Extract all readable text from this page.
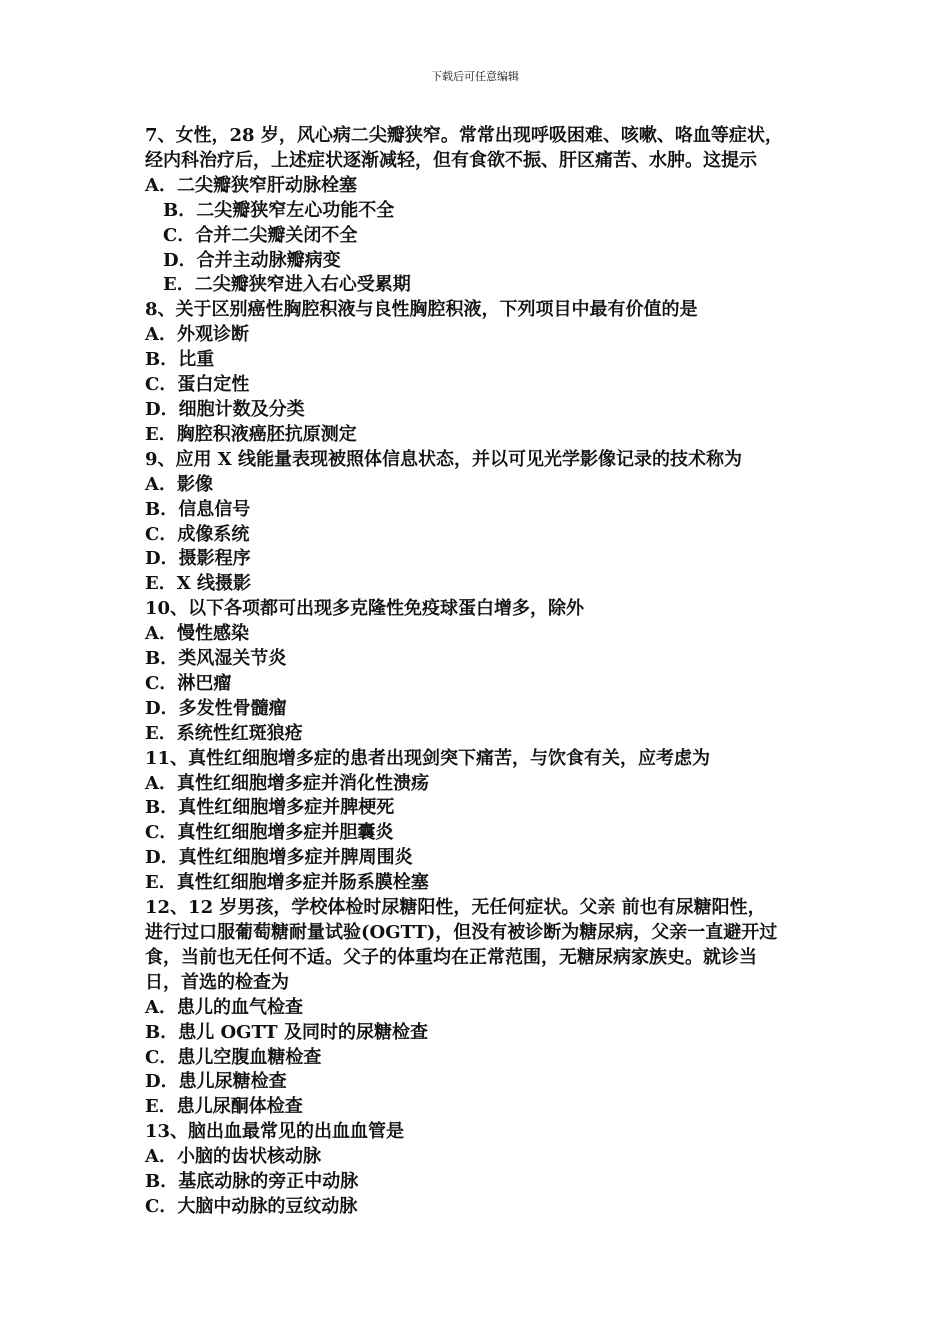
下载后可任意编辑

7、女性，28 岁，风心病二尖瓣狭窄。常常出现呼吸困难、咳嗽、咯血等症状，

经内科治疗后，上述症状逐渐减轻，但有食欲不振、肝区痛苦、水肿。这提示

A．二尖瓣狭窄肝动脉栓塞

B．二尖瓣狭窄左心功能不全

C．合并二尖瓣关闭不全

D．合并主动脉瓣病变

E．二尖瓣狭窄进入右心受累期

8、关于区别癌性胸腔积液与良性胸腔积液，下列项目中最有价值的是

A．外观诊断

B．比重

C．蛋白定性

D．细胞计数及分类

E．胸腔积液癌胚抗原测定

9、应用 X 线能量表现被照体信息状态，并以可见光学影像记录的技术称为

A．影像

B．信息信号

C．成像系统

D．摄影程序

E．X 线摄影

10、以下各项都可出现多克隆性免疫球蛋白增多，除外

A．慢性感染

B．类风湿关节炎

C．淋巴瘤

D．多发性骨髓瘤

E．系统性红斑狼疮

11、真性红细胞增多症的患者出现剑突下痛苦，与饮食有关，应考虑为

A．真性红细胞增多症并消化性溃疡

B．真性红细胞增多症并脾梗死

C．真性红细胞增多症并胆囊炎

D．真性红细胞增多症并脾周围炎

E．真性红细胞增多症并肠系膜栓塞

12、12 岁男孩，学校体检时尿糖阳性，无任何症状。父亲 前也有尿糖阳性，

进行过口服葡萄糖耐量试验(OGTT)，但没有被诊断为糖尿病，父亲一直避开过

食，当前也无任何不适。父子的体重均在正常范围，无糖尿病家族史。就诊当

日，首选的检查为

A．患儿的血气检查

B．患儿 OGTT 及同时的尿糖检查

C．患儿空腹血糖检查

D．患儿尿糖检查

E．患儿尿酮体检查

13、脑出血最常见的出血血管是

A．小脑的齿状核动脉

B．基底动脉的旁正中动脉

C．大脑中动脉的豆纹动脉
